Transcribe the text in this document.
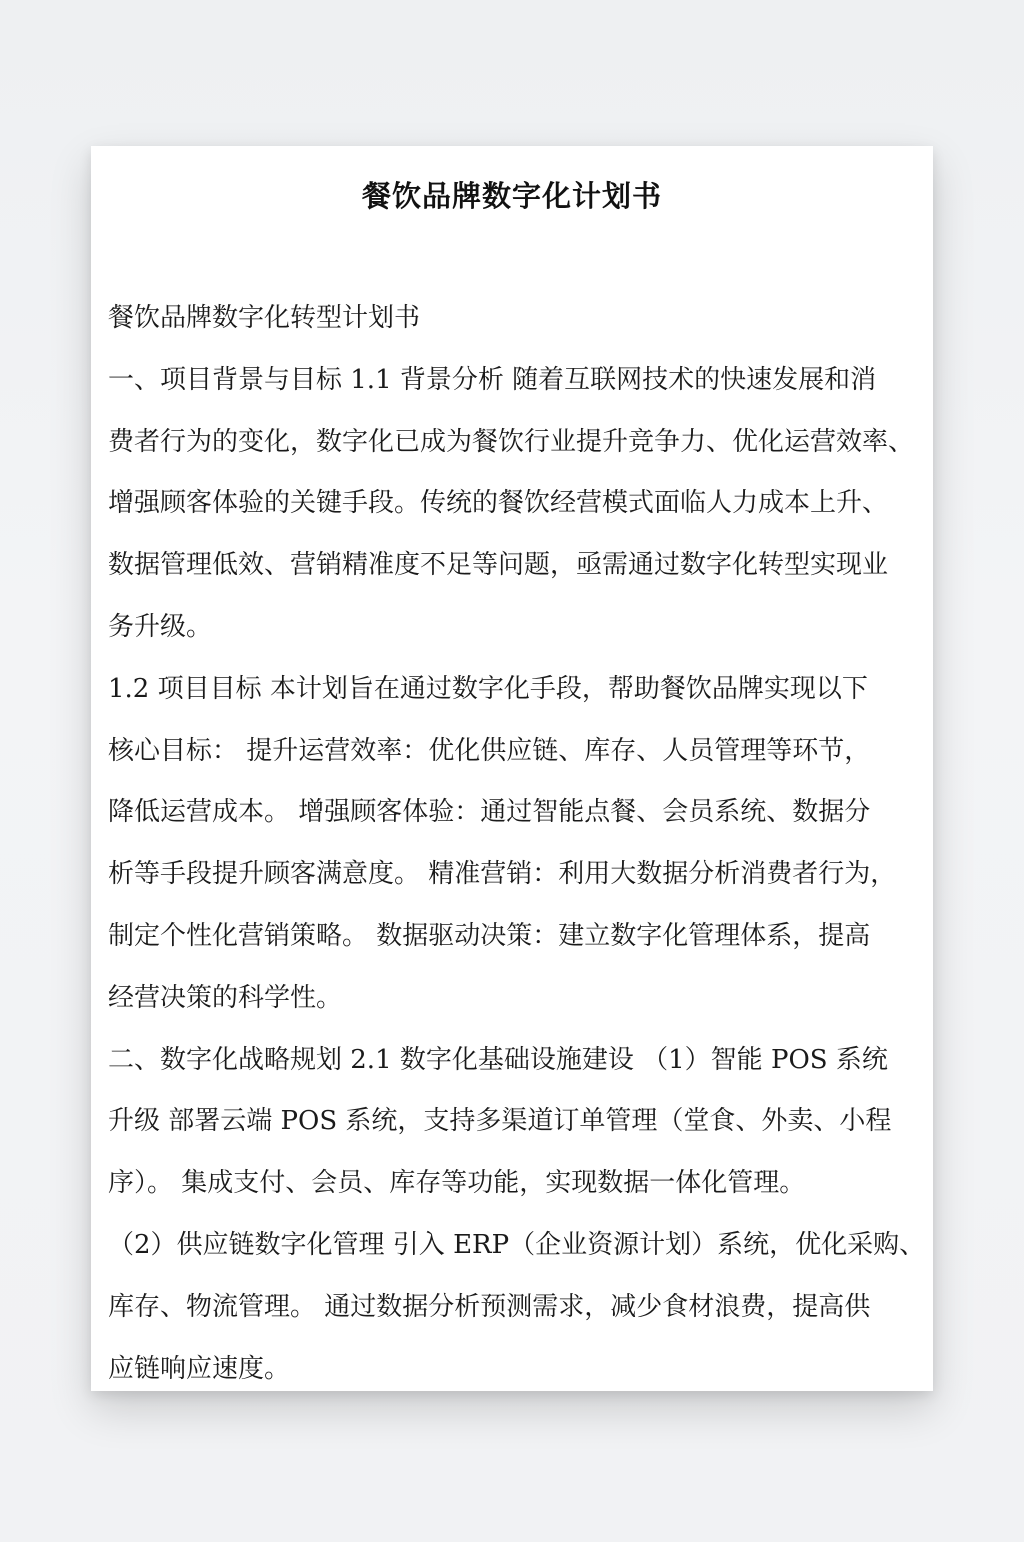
餐饮品牌数字化计划书
餐饮品牌数字化转型计划书
一、项目背景与目标 1.1 背景分析 随着互联网技术的快速发展和消
费者行为的变化，数字化已成为餐饮行业提升竞争力、优化运营效率、
增强顾客体验的关键手段。传统的餐饮经营模式面临人力成本上升、
数据管理低效、营销精准度不足等问题，亟需通过数字化转型实现业
务升级。
1.2 项目目标 本计划旨在通过数字化手段，帮助餐饮品牌实现以下
核心目标： 提升运营效率：优化供应链、库存、人员管理等环节，
降低运营成本。 增强顾客体验：通过智能点餐、会员系统、数据分
析等手段提升顾客满意度。 精准营销：利用大数据分析消费者行为，
制定个性化营销策略。 数据驱动决策：建立数字化管理体系，提高
经营决策的科学性。
二、数字化战略规划 2.1 数字化基础设施建设 （1）智能 POS 系统
升级 部署云端 POS 系统，支持多渠道订单管理（堂食、外卖、小程
序）。 集成支付、会员、库存等功能，实现数据一体化管理。
（2）供应链数字化管理 引入 ERP（企业资源计划）系统，优化采购、
库存、物流管理。 通过数据分析预测需求，减少食材浪费，提高供
应链响应速度。
